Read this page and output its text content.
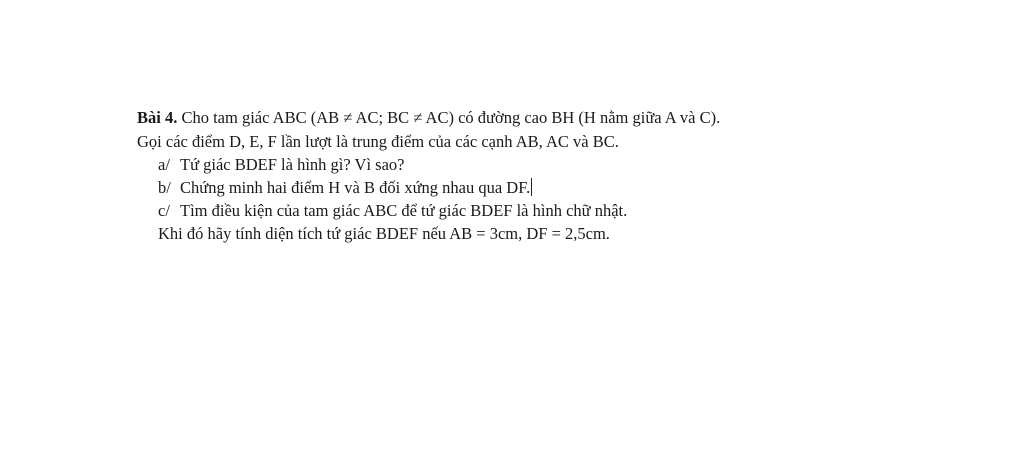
Bài 4. Cho tam giác ABC (AB ≠ AC; BC ≠ AC) có đường cao BH (H nằm giữa A và C).
Gọi các điểm D, E, F lần lượt là trung điểm của các cạnh AB, AC và BC.
a/ Tứ giác BDEF là hình gì? Vì sao?
b/ Chứng minh hai điểm H và B đối xứng nhau qua DF.
c/ Tìm điều kiện của tam giác ABC để tứ giác BDEF là hình chữ nhật.
Khi đó hãy tính diện tích tứ giác BDEF nếu AB = 3cm, DF = 2,5cm.
